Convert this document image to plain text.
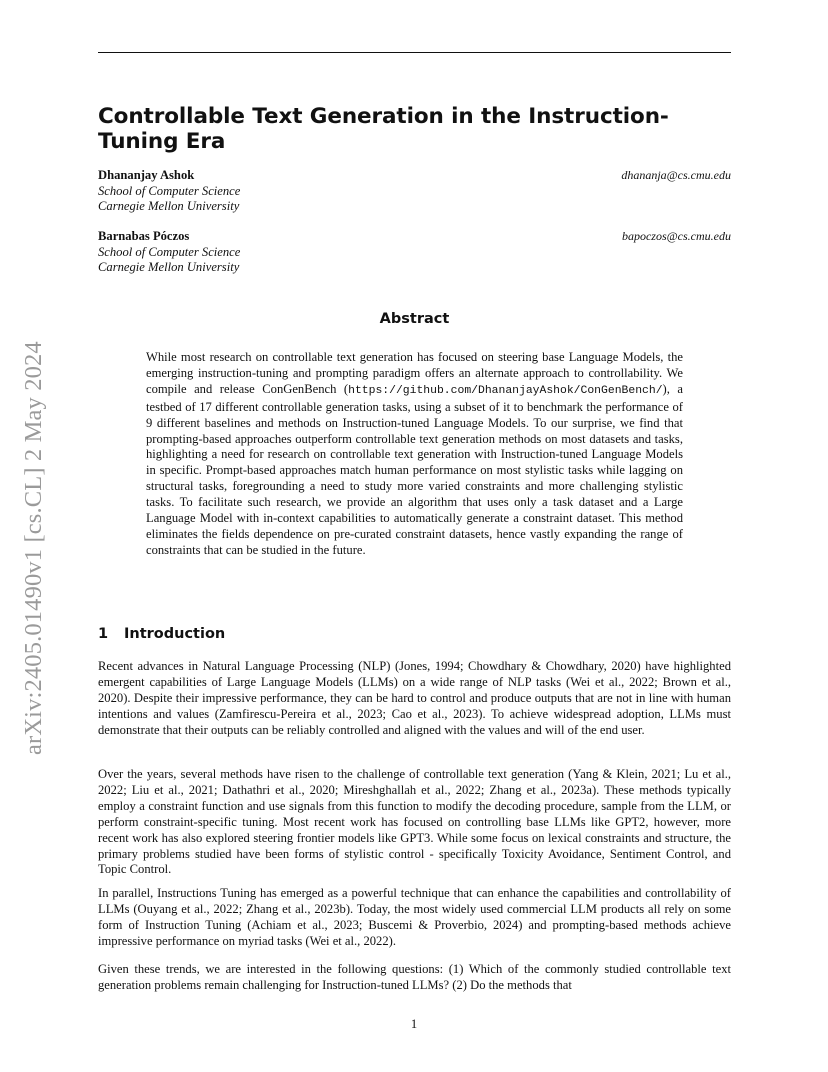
Controllable Text Generation in the Instruction-Tuning Era
Dhananjay Ashok
School of Computer Science
Carnegie Mellon University
dhananja@cs.cmu.edu
Barnabas Póczos
School of Computer Science
Carnegie Mellon University
bapoczos@cs.cmu.edu
arXiv:2405.01490v1 [cs.CL] 2 May 2024
Abstract
While most research on controllable text generation has focused on steering base Language Models, the emerging instruction-tuning and prompting paradigm offers an alternate approach to controllability. We compile and release ConGenBench (https://github.com/DhananjayAshok/ConGenBench/), a testbed of 17 different controllable generation tasks, using a subset of it to benchmark the performance of 9 different baselines and methods on Instruction-tuned Language Models. To our surprise, we find that prompting-based approaches outperform controllable text generation methods on most datasets and tasks, highlighting a need for research on controllable text generation with Instruction-tuned Language Models in specific. Prompt-based approaches match human performance on most stylistic tasks while lagging on structural tasks, foregrounding a need to study more varied constraints and more challenging stylistic tasks. To facilitate such research, we provide an algorithm that uses only a task dataset and a Large Language Model with in-context capabilities to automatically generate a constraint dataset. This method eliminates the fields dependence on pre-curated constraint datasets, hence vastly expanding the range of constraints that can be studied in the future.
1 Introduction

Recent advances in Natural Language Processing (NLP) (Jones, 1994; Chowdhary & Chowdhary, 2020) have highlighted emergent capabilities of Large Language Models (LLMs) on a wide range of NLP tasks (Wei et al., 2022; Brown et al., 2020). Despite their impressive performance, they can be hard to control and produce outputs that are not in line with human intentions and values (Zamfirescu-Pereira et al., 2023; Cao et al., 2023). To achieve widespread adoption, LLMs must demonstrate that their outputs can be reliably controlled and aligned with the values and will of the end user.

Over the years, several methods have risen to the challenge of controllable text generation (Yang & Klein, 2021; Lu et al., 2022; Liu et al., 2021; Dathathri et al., 2020; Mireshghallah et al., 2022; Zhang et al., 2023a). These methods typically employ a constraint function and use signals from this function to modify the decoding procedure, sample from the LLM, or perform constraint-specific tuning. Most recent work has focused on controlling base LLMs like GPT2, however, more recent work has also explored steering frontier models like GPT3. While some focus on lexical constraints and structure, the primary problems studied have been forms of stylistic control - specifically Toxicity Avoidance, Sentiment Control, and Topic Control.

In parallel, Instructions Tuning has emerged as a powerful technique that can enhance the capabilities and controllability of LLMs (Ouyang et al., 2022; Zhang et al., 2023b). Today, the most widely used commercial LLM products all rely on some form of Instruction Tuning (Achiam et al., 2023; Buscemi & Proverbio, 2024) and prompting-based methods achieve impressive performance on myriad tasks (Wei et al., 2022).

Given these trends, we are interested in the following questions: (1) Which of the commonly studied controllable text generation problems remain challenging for Instruction-tuned LLMs? (2) Do the methods that

1
